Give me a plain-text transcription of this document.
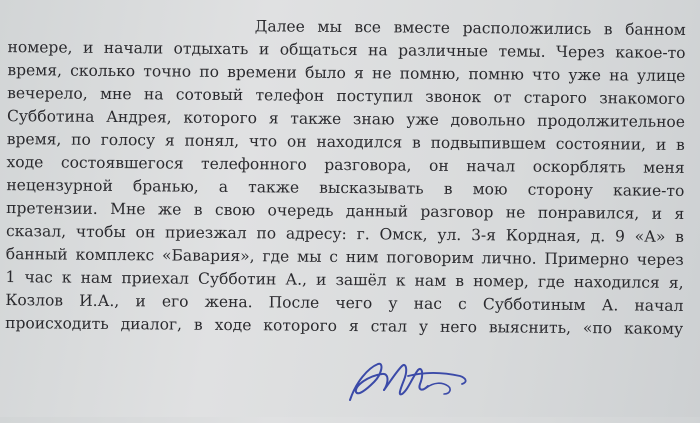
Далее мы все вместе расположились в банном
номере, и начали отдыхать и общаться на различные темы. Через какое-то
время, сколько точно по времени было я не помню, помню что уже на улице
вечерело, мне на сотовый телефон поступил звонок от старого знакомого
Субботина Андрея, которого я также знаю уже довольно продолжительное
время, по голосу я понял, что он находился в подвыпившем состоянии, и в
ходе состоявшегося телефонного разговора, он начал оскорблять меня
нецензурной бранью, а также высказывать в мою сторону какие-то
претензии. Мне же в свою очередь данный разговор не понравился, и я
сказал, чтобы он приезжал по адресу: г. Омск, ул. 3-я Кордная, д. 9 «А» в
банный комплекс «Бавария», где мы с ним поговорим лично. Примерно через
1 час к нам приехал Субботин А., и зашёл к нам в номер, где находился я,
Козлов И.А., и его жена. После чего у нас с Субботиным А. начал
происходить диалог, в ходе которого я стал у него выяснить, «по какому
